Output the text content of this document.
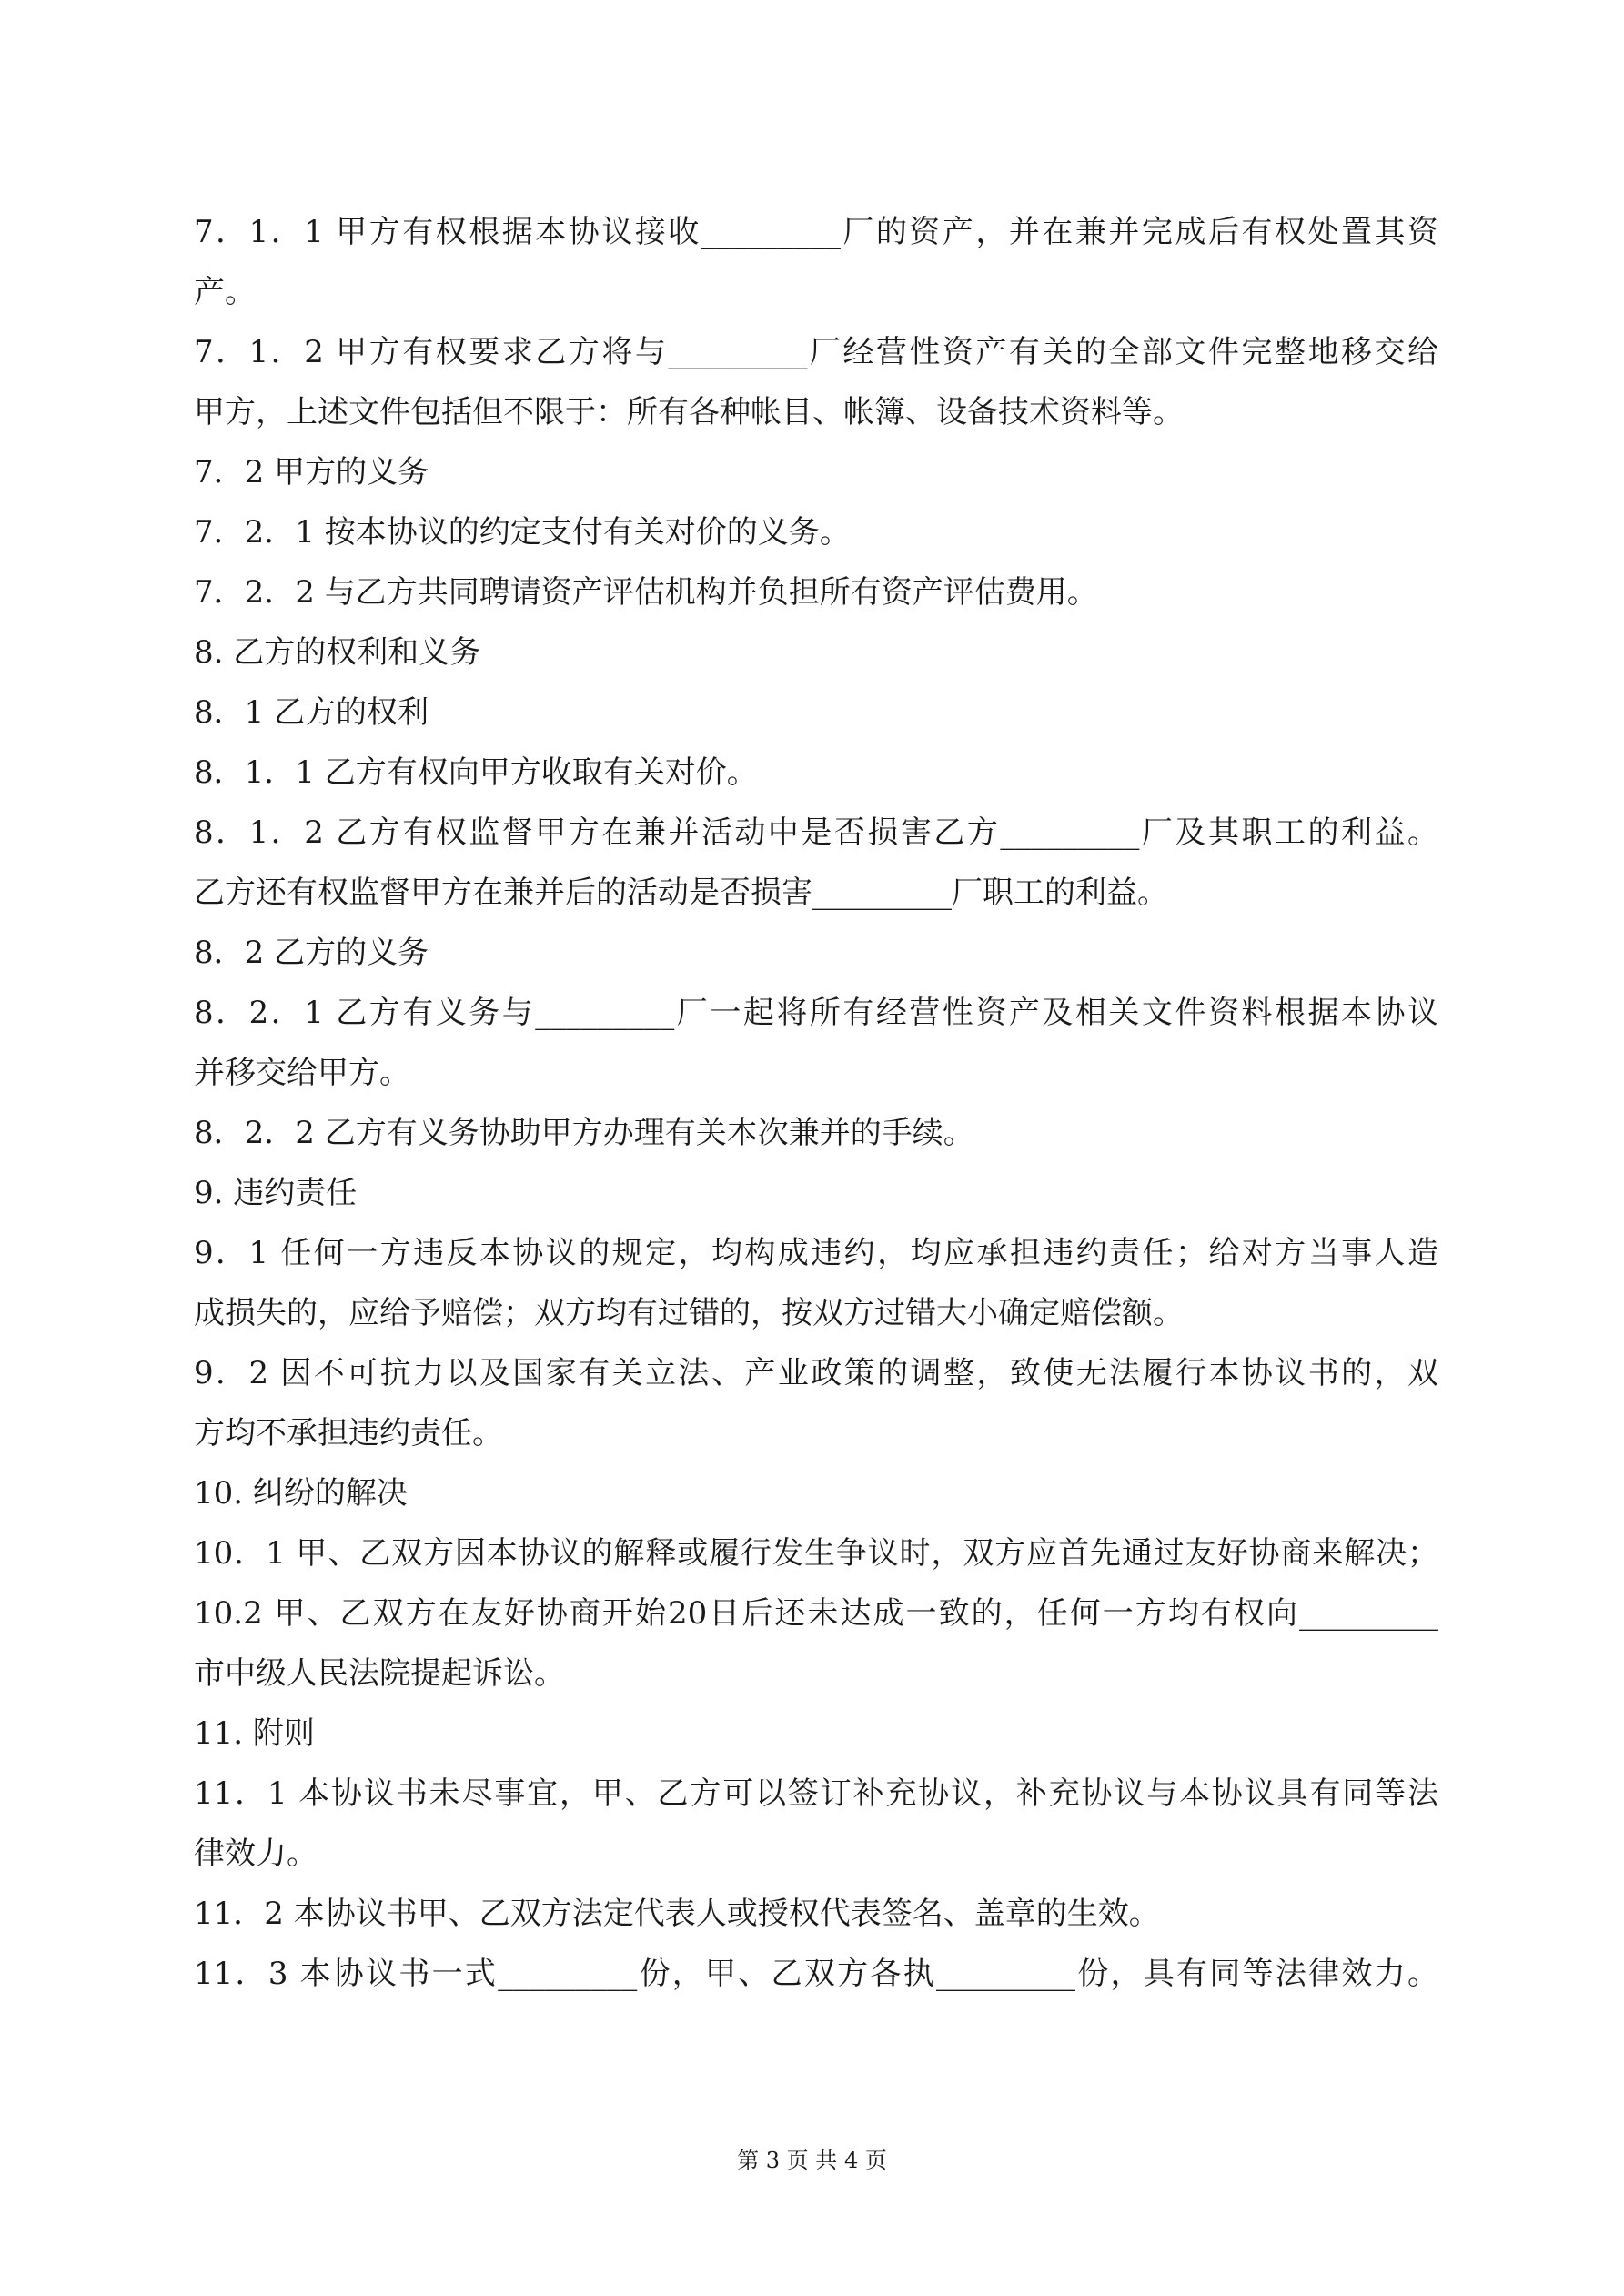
7．1．1 甲方有权根据本协议接收_________厂的资产，并在兼并完成后有权处置其资
产。
7．1．2 甲方有权要求乙方将与_________厂经营性资产有关的全部文件完整地移交给
甲方，上述文件包括但不限于：所有各种帐目、帐簿、设备技术资料等。
7．2 甲方的义务
7．2．1 按本协议的约定支付有关对价的义务。
7．2．2 与乙方共同聘请资产评估机构并负担所有资产评估费用。
8. 乙方的权利和义务
8．1 乙方的权利
8．1．1 乙方有权向甲方收取有关对价。
8．1．2 乙方有权监督甲方在兼并活动中是否损害乙方_________厂及其职工的利益。
乙方还有权监督甲方在兼并后的活动是否损害_________厂职工的利益。
8．2 乙方的义务
8．2．1 乙方有义务与_________厂一起将所有经营性资产及相关文件资料根据本协议
并移交给甲方。
8．2．2 乙方有义务协助甲方办理有关本次兼并的手续。
9. 违约责任
9．1 任何一方违反本协议的规定，均构成违约，均应承担违约责任；给对方当事人造
成损失的，应给予赔偿；双方均有过错的，按双方过错大小确定赔偿额。
9．2 因不可抗力以及国家有关立法、产业政策的调整，致使无法履行本协议书的，双
方均不承担违约责任。
10. 纠纷的解决
10．1 甲、乙双方因本协议的解释或履行发生争议时，双方应首先通过友好协商来解决；
10.2 甲、乙双方在友好协商开始20日后还未达成一致的，任何一方均有权向_________
市中级人民法院提起诉讼。
11. 附则
11．1 本协议书未尽事宜，甲、乙方可以签订补充协议，补充协议与本协议具有同等法
律效力。
11．2 本协议书甲、乙双方法定代表人或授权代表签名、盖章的生效。
11．3 本协议书一式_________份，甲、乙双方各执_________份，具有同等法律效力。
第 3 页 共 4 页
